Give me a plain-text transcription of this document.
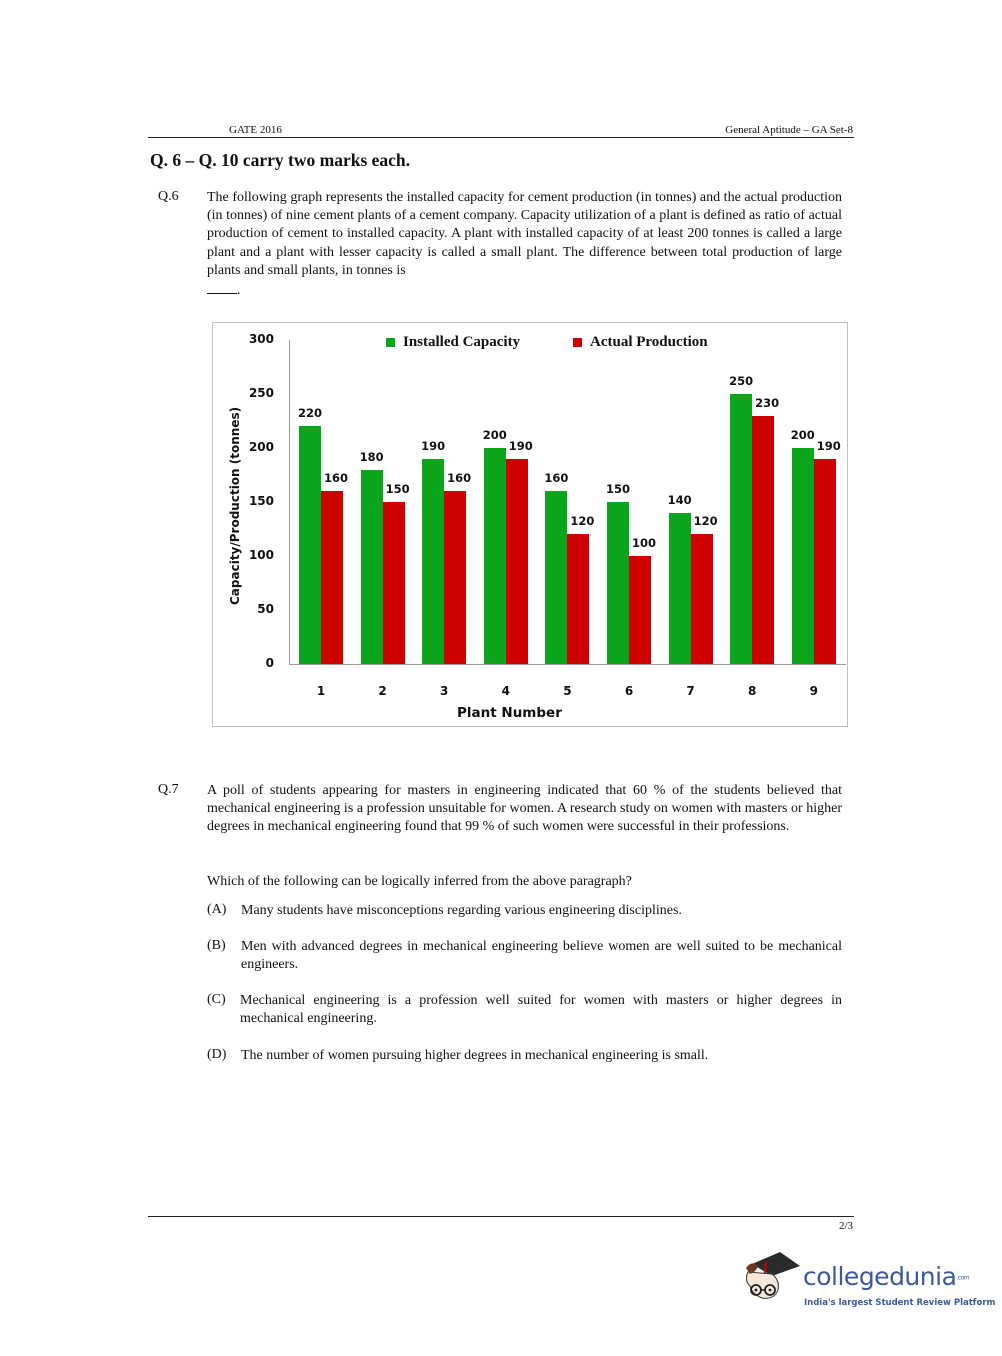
GATE 2016	General Aptitude – GA Set-8
Q. 6 – Q. 10 carry two marks each.
Q.6 The following graph represents the installed capacity for cement production (in tonnes) and the actual production (in tonnes) of nine cement plants of a cement company. Capacity utilization of a plant is defined as ratio of actual production of cement to installed capacity. A plant with installed capacity of at least 200 tonnes is called a large plant and a plant with lesser capacity is called a small plant. The difference between total production of large plants and small plants, in tonnes is
.
Installed Capacity	Actual Production
Capacity/Production (tonnes)
0
50
100
150
200
250
300
220
160
1
180
150
2
190
160
3
200
190
4
160
120
5
150
100
6
140
120
7
250
230
8
200
190
9
Plant Number
Q.7 A poll of students appearing for masters in engineering indicated that 60 % of the students believed that mechanical engineering is a profession unsuitable for women. A research study on women with masters or higher degrees in mechanical engineering found that 99 % of such women were successful in their professions.
Which of the following can be logically inferred from the above paragraph?
(A) Many students have misconceptions regarding various engineering disciplines.
(B) Men with advanced degrees in mechanical engineering believe women are well suited to be mechanical engineers.
(C) Mechanical engineering is a profession well suited for women with masters or higher degrees in mechanical engineering.
(D) The number of women pursuing higher degrees in mechanical engineering is small.
2/3
collegedunia.com
India's largest Student Review Platform
